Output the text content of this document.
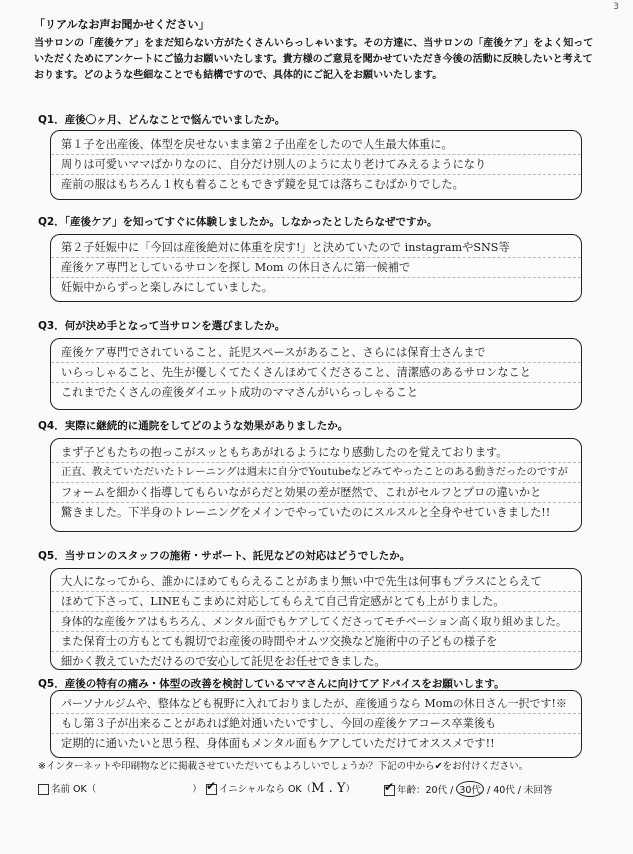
3
「リアルなお声お聞かせください」
当サロンの「産後ケア」をまだ知らない方がたくさんいらっしゃいます。その方達に、当サロンの「産後ケア」をよく知っていただくためにアンケートにご協力お願いいたします。貴方様のご意見を聞かせていただき今後の活動に反映したいと考えております。どのような些細なことでも結構ですので、具体的にご記入をお願いいたします。
Q1．産後〇ヶ月、どんなことで悩んでいましたか。
第１子を出産後、体型を戻せないまま第２子出産をしたので人生最大体重に。
周りは可愛いママばかりなのに、自分だけ別人のように太り老けてみえるようになり
産前の服はもちろん１枚も着ることもできず鏡を見ては落ちこむばかりでした。
Q2．「産後ケア」を知ってすぐに体験しましたか。しなかったとしたらなぜですか。
第２子妊娠中に「今回は産後絶対に体重を戻す!」と決めていたので instagramやSNS等
産後ケア専門としているサロンを探し Mom の休日さんに第一候補で
妊娠中からずっと楽しみにしていました。
Q3．何が決め手となって当サロンを選びましたか。
産後ケア専門でされていること、託児スペースがあること、さらには保育士さんまで
いらっしゃること、先生が優しくてたくさんほめてくださること、清潔感のあるサロンなこと
これまでたくさんの産後ダイエット成功のママさんがいらっしゃること
Q4．実際に継続的に通院をしてどのような効果がありましたか。
まず子どもたちの抱っこがスッともちあがれるようになり感動したのを覚えております。
正直、教えていただいたトレーニングは週末に自分でYoutubeなどみてやったことのある動きだったのですが
フォームを細かく指導してもらいながらだと効果の差が歴然で、これがセルフとプロの違いかと
驚きました。下半身のトレーニングをメインでやっていたのにスルスルと全身やせていきました!!
Q5．当サロンのスタッフの施術・サポート、託児などの対応はどうでしたか。
大人になってから、誰かにほめてもらえることがあまり無い中で先生は何事もプラスにとらえて
ほめて下さって、LINEもこまめに対応してもらえて自己肯定感がとても上がりました。
身体的な産後ケアはもちろん、メンタル面でもケアしてくださってモチベーション高く取り組めました。
また保育士の方もとても親切でお産後の時間やオムツ交換など施術中の子どもの様子を
細かく教えていただけるので安心して託児をお任せできました。
Q5．産後の特有の痛み・体型の改善を検討しているママさんに向けてアドバイスをお願いします。
パーソナルジムや、整体なども視野に入れておりましたが、産後通うなら Momの休日さん一択です!※
もし第３子が出来ることがあれば絶対通いたいですし、今回の産後ケアコース卒業後も
定期的に通いたいと思う程、身体面もメンタル面もケアしていただけてオススメです!!
※インターネットや印刷物などに掲載させていただいてもよろしいでしょうか？下記の中から✔をお付けください。
名前 OK（	） ✔	イニシャルなら OK（M . Y） ✔	年齢：20代 / 30代 / 40代 / 未回答
